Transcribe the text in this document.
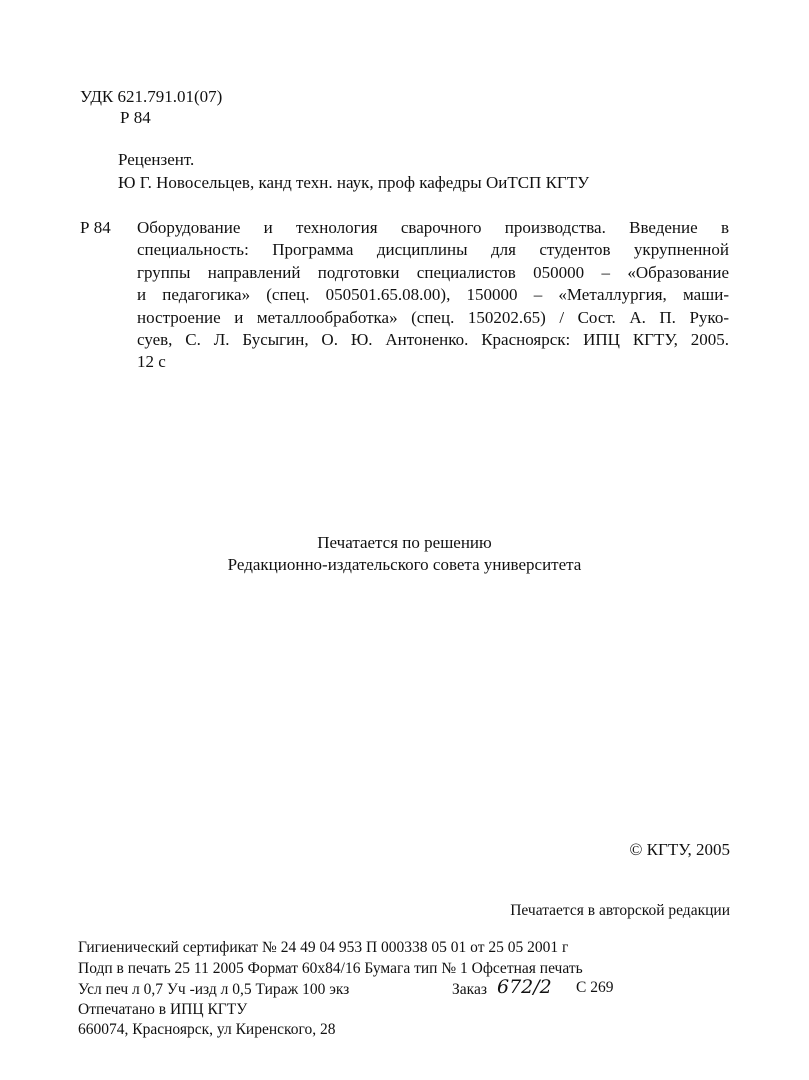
УДК 621.791.01(07)
Р 84
Рецензент.
Ю Г. Новосельцев, канд техн. наук, проф кафедры ОиТСП КГТУ
Р 84 Оборудование и технология сварочного производства. Введение в
специальность: Программа дисциплины для студентов укрупненной
группы направлений подготовки специалистов 050000 – «Образование
и педагогика» (спец. 050501.65.08.00), 150000 – «Металлургия, маши-
ностроение и металлообработка» (спец. 150202.65) / Сост. А. П. Руко-
суев, С. Л. Бусыгин, О. Ю. Антоненко. Красноярск: ИПЦ КГТУ, 2005.
12 с
Печатается по решению
Редакционно-издательского совета университета
© КГТУ, 2005
Печатается в авторской редакции
Гигиенический сертификат № 24 49 04 953 П 000338 05 01 от 25 05 2001 г
Подп в печать 25 11 2005 Формат 60x84/16 Бумага тип № 1 Офсетная печать
Усл печ л 0,7 Уч -изд л 0,5 Тираж 100 экз	Заказ 672/2 С 269
Отпечатано в ИПЦ КГТУ
660074, Красноярск, ул Киренского, 28
